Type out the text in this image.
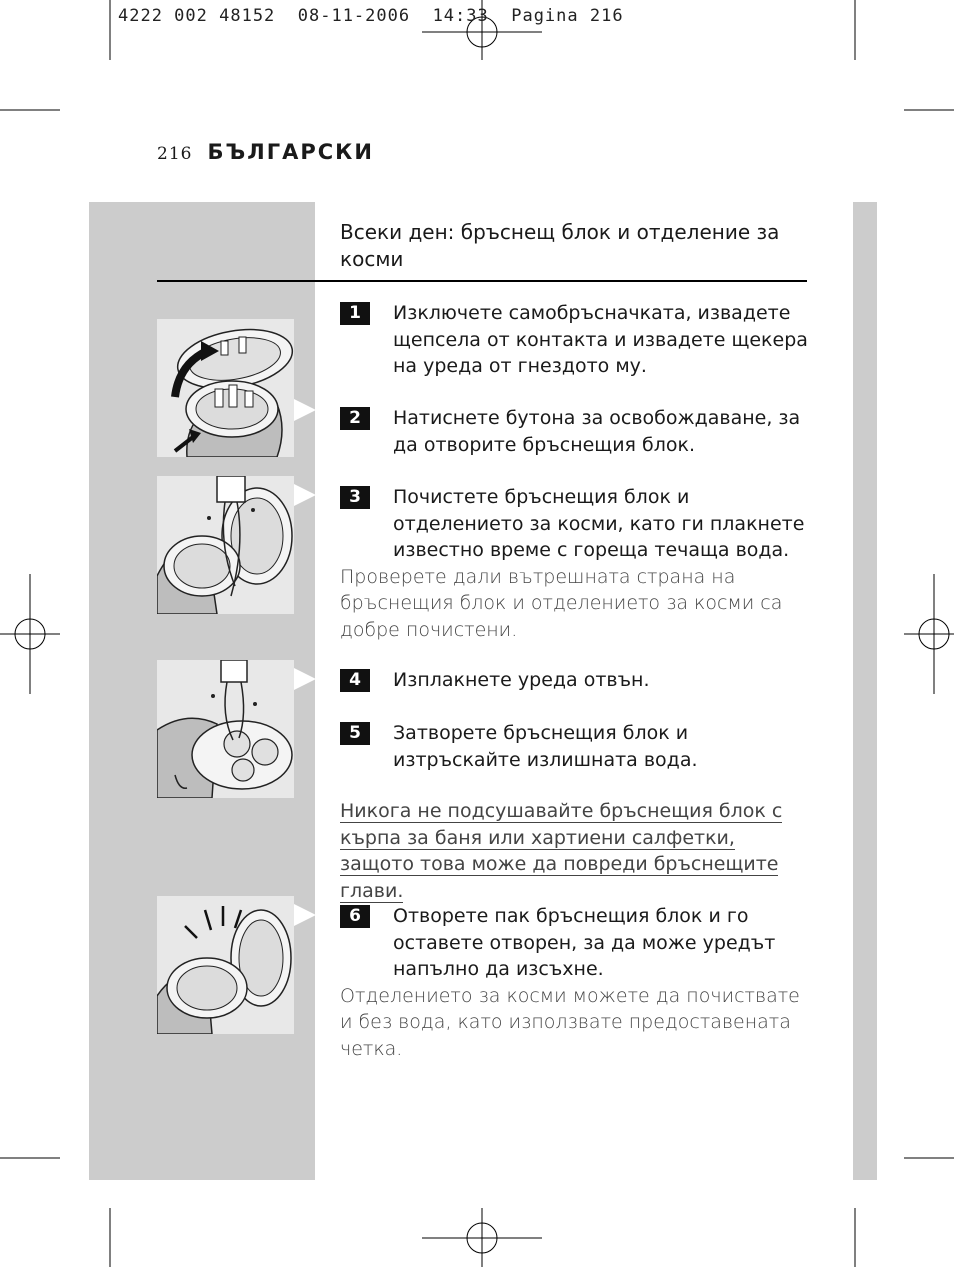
4222 002 48152  08-11-2006  14:33  Pagina 216
216 БЪЛГАРСКИ
Всеки ден: бръснещ блок и отделение за косми
1	Изключете самобръсначката, извадете щепсела от контакта и извадете щекера на уреда от гнездото му.
2	Натиснете бутона за освобождаване, за да отворите бръснещия блок.
3	Почистете бръснещия блок и отделението за косми, като ги плакнете известно време с гореща течаща вода.
Проверете дали вътрешната страна на бръснещия блок и отделението за косми са добре почистени.
4	Изплакнете уреда отвън.
5	Затворете бръснещия блок и изтръскайте излишната вода.
Никога не подсушавайте бръснещия блок с кърпа за баня или хартиени салфетки, защото това може да повреди бръснещите глави.
6	Отворете пак бръснещия блок и го оставете отворен, за да може уредът напълно да изсъхне.
Отделението за косми можете да почиствате и без вода, като използвате предоставената четка.
